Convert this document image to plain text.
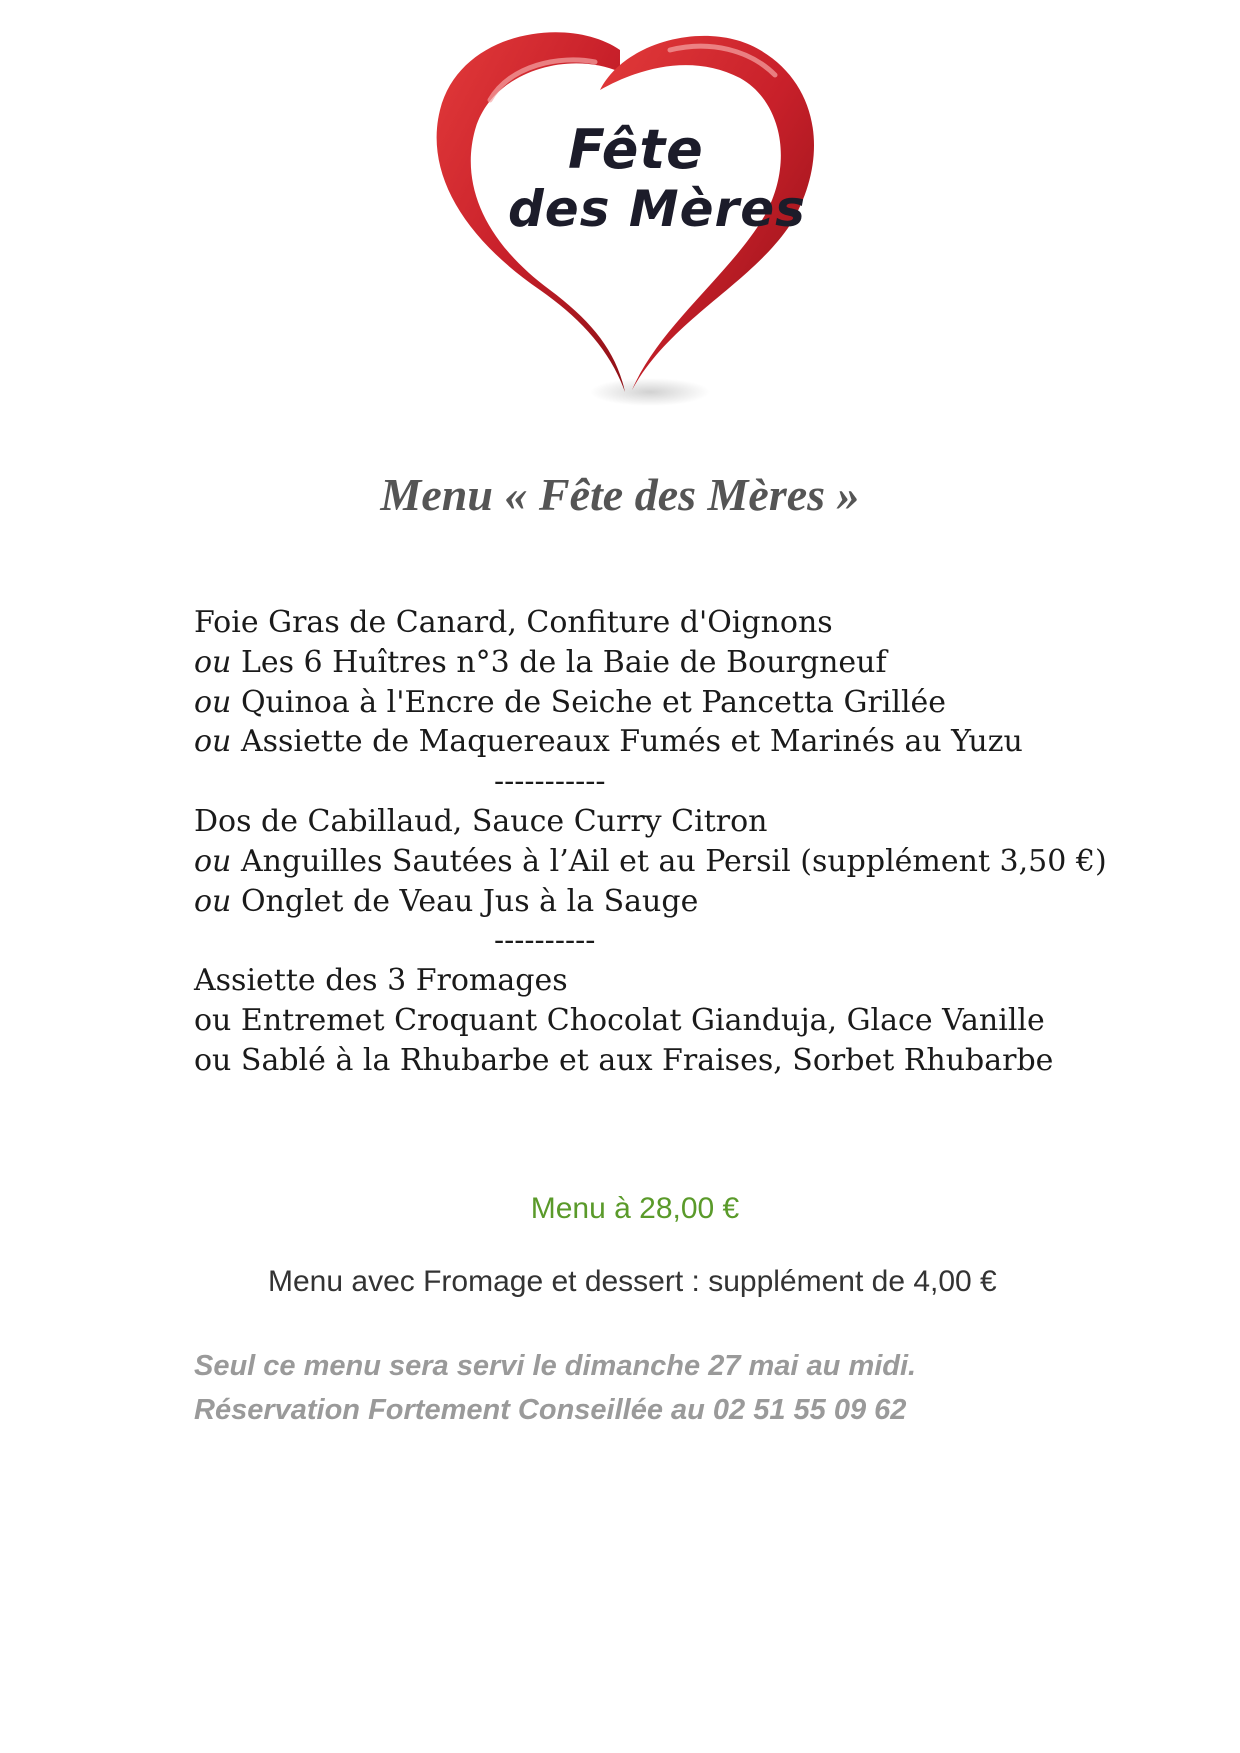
Fête
des Mères
Menu « Fête des Mères »
Foie Gras de Canard, Confiture d'Oignons
ou Les 6 Huîtres n°3 de la Baie de Bourgneuf
ou Quinoa à l'Encre de Seiche et Pancetta Grillée
ou Assiette de Maquereaux Fumés et Marinés au Yuzu
-----------
Dos de Cabillaud, Sauce Curry Citron
ou Anguilles Sautées à l’Ail et au Persil (supplément 3,50 €)
ou Onglet de Veau Jus à la Sauge
----------
Assiette des 3 Fromages
ou Entremet Croquant Chocolat Gianduja, Glace Vanille
ou Sablé à la Rhubarbe et aux Fraises, Sorbet Rhubarbe
Menu à 28,00 €
Menu avec Fromage et dessert : supplément de 4,00 €
Seul ce menu sera servi le dimanche 27 mai au midi.
Réservation Fortement Conseillée au 02 51 55 09 62
